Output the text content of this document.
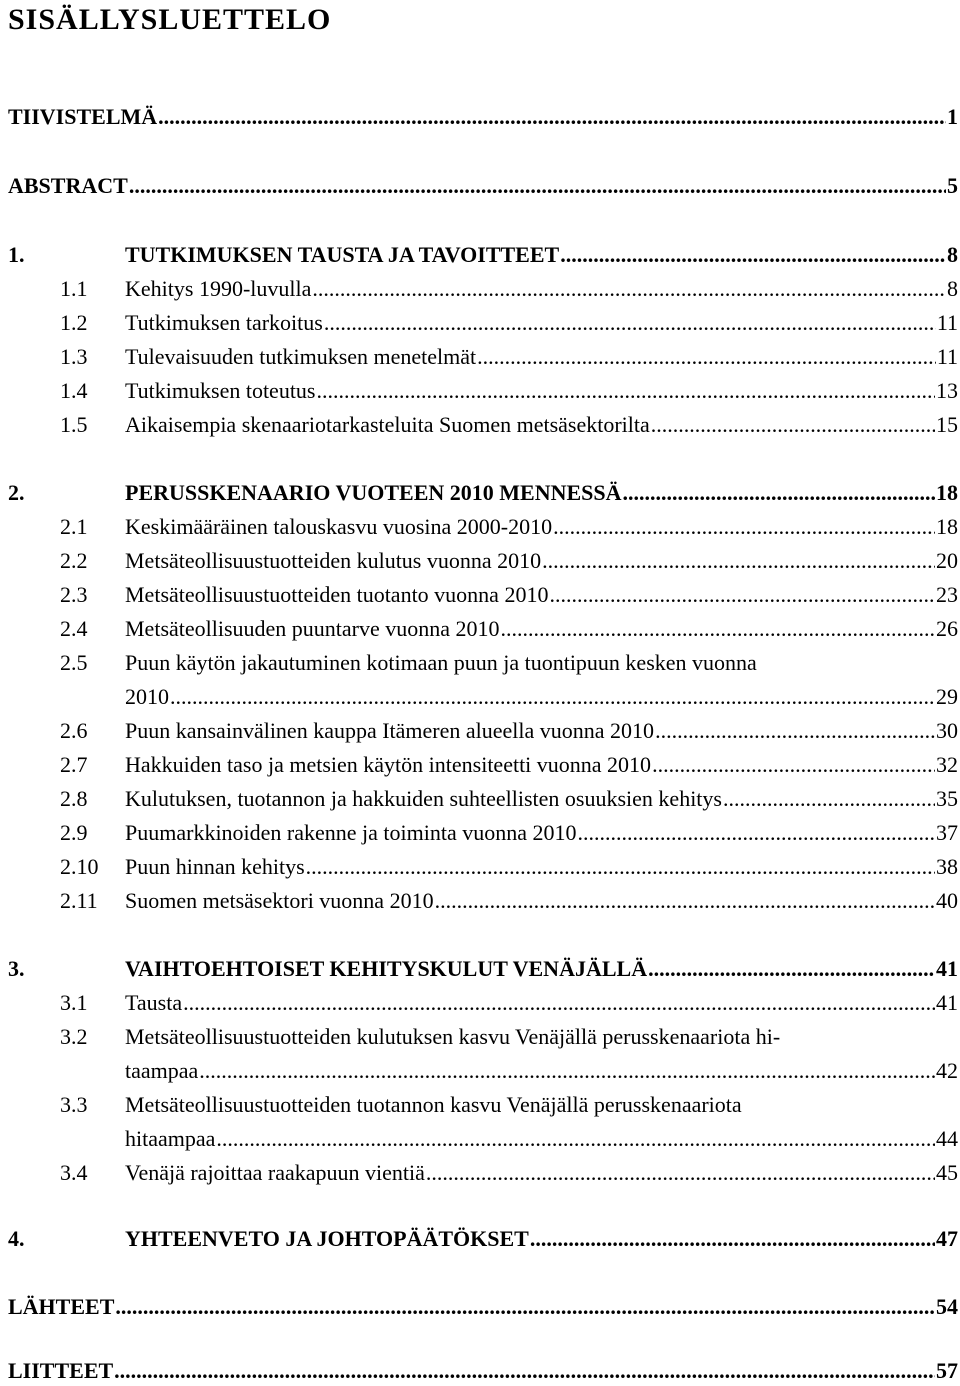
SISÄLLYSLUETTELO
TIIVISTELMÄ .....	1
ABSTRACT .....	5
1.	TUTKIMUKSEN TAUSTA JA TAVOITTEET .....	8
1.1	Kehitys 1990-luvulla .....	8
1.2	Tutkimuksen tarkoitus .....	11
1.3	Tulevaisuuden tutkimuksen menetelmät .....	11
1.4	Tutkimuksen toteutus .....	13
1.5	Aikaisempia skenaariotarkasteluita Suomen metsäsektorilta .....	15
2.	PERUSSKENAARIO VUOTEEN 2010 MENNESSÄ .....	18
2.1	Keskimääräinen talouskasvu vuosina 2000-2010 .....	18
2.2	Metsäteollisuustuotteiden kulutus vuonna 2010 .....	20
2.3	Metsäteollisuustuotteiden tuotanto vuonna 2010 .....	23
2.4	Metsäteollisuuden puuntarve vuonna 2010 .....	26
2.5	Puun käytön jakautuminen kotimaan puun ja tuontipuun kesken vuonna
2010 .....	29
2.6	Puun kansainvälinen kauppa Itämeren alueella vuonna 2010 .....	30
2.7	Hakkuiden taso ja metsien käytön intensiteetti vuonna 2010 .....	32
2.8	Kulutuksen, tuotannon ja hakkuiden suhteellisten osuuksien kehitys .....	35
2.9	Puumarkkinoiden rakenne ja toiminta vuonna 2010 .....	37
2.10	Puun hinnan kehitys .....	38
2.11	Suomen metsäsektori vuonna 2010 .....	40
3.	VAIHTOEHTOISET KEHITYSKULUT VENÄJÄLLÄ .....	41
3.1	Tausta .....	41
3.2	Metsäteollisuustuotteiden kulutuksen kasvu Venäjällä perusskenaariota hi-
taampaa .....	42
3.3	Metsäteollisuustuotteiden tuotannon kasvu Venäjällä perusskenaariota
hitaampaa .....	44
3.4	Venäjä rajoittaa raakapuun vientiä .....	45
4.	YHTEENVETO JA JOHTOPÄÄTÖKSET .....	47
LÄHTEET .....	54
LIITTEET .....	57
